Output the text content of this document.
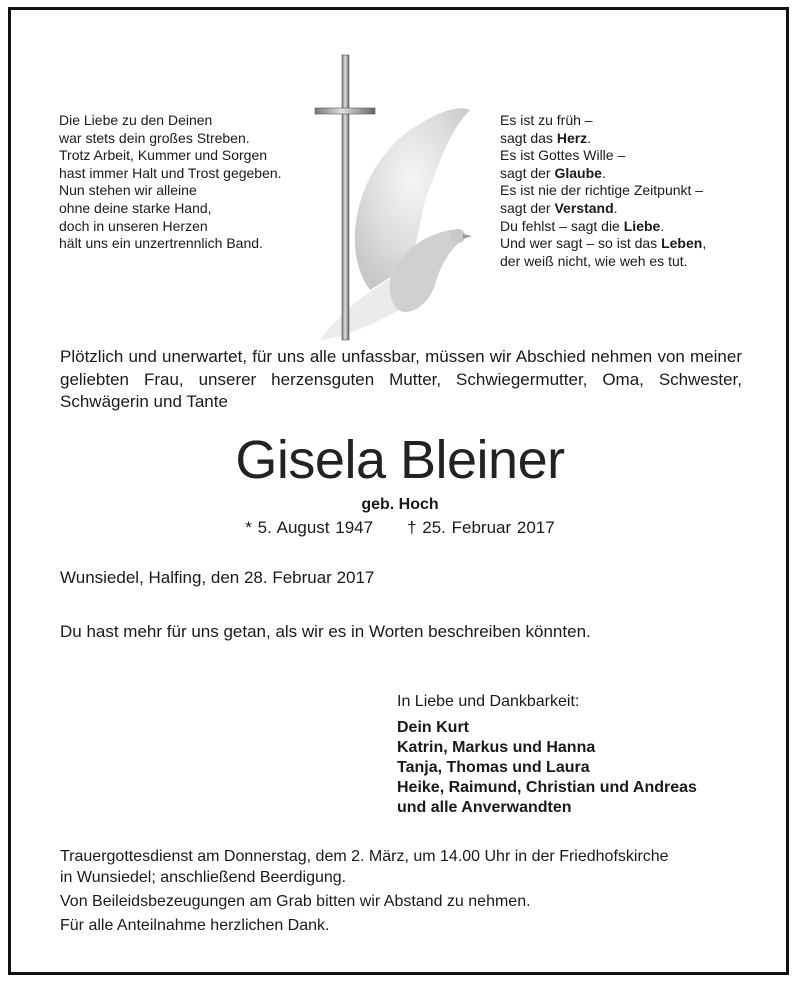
Die Liebe zu den Deinen
war stets dein großes Streben.
Trotz Arbeit, Kummer und Sorgen
hast immer Halt und Trost gegeben.
Nun stehen wir alleine
ohne deine starke Hand,
doch in unseren Herzen
hält uns ein unzertrennlich Band.
Es ist zu früh –
sagt das Herz.
Es ist Gottes Wille –
sagt der Glaube.
Es ist nie der richtige Zeitpunkt –
sagt der Verstand.
Du fehlst – sagt die Liebe.
Und wer sagt – so ist das Leben,
der weiß nicht, wie weh es tut.
Plötzlich und unerwartet, für uns alle unfassbar, müssen wir Abschied nehmen von meiner geliebten Frau, unserer herzensguten Mutter, Schwiegermutter, Oma, Schwester, Schwägerin und Tante
Gisela Bleiner
geb. Hoch
* 5. August 1947 † 25. Februar 2017
Wunsiedel, Halfing, den 28. Februar 2017
Du hast mehr für uns getan, als wir es in Worten beschreiben könnten.
In Liebe und Dankbarkeit:
Dein Kurt
Katrin, Markus und Hanna
Tanja, Thomas und Laura
Heike, Raimund, Christian und Andreas
und alle Anverwandten
Trauergottesdienst am Donnerstag, dem 2. März, um 14.00 Uhr in der Friedhofskirche
in Wunsiedel; anschließend Beerdigung.
Von Beileidsbezeugungen am Grab bitten wir Abstand zu nehmen.
Für alle Anteilnahme herzlichen Dank.
